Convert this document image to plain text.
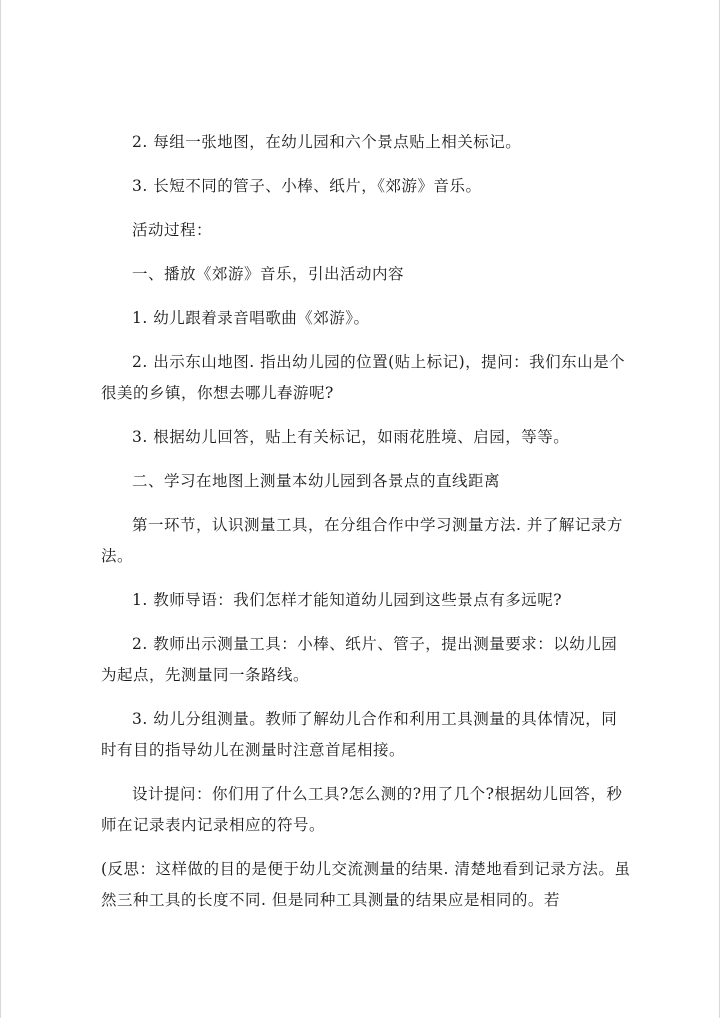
2. 每组一张地图，在幼儿园和六个景点贴上相关标记。

3. 长短不同的管子、小棒、纸片，《郊游》音乐。

活动过程：

一、播放《郊游》音乐，引出活动内容

1. 幼儿跟着录音唱歌曲《郊游》。

2. 出示东山地图. 指出幼儿园的位置(贴上标记)，提问：我们东山是个很美的乡镇，你想去哪儿春游呢?

3. 根据幼儿回答，贴上有关标记，如雨花胜境、启园，等等。

二、学习在地图上测量本幼儿园到各景点的直线距离

第一环节，认识测量工具，在分组合作中学习测量方法. 并了解记录方法。

1. 教师导语：我们怎样才能知道幼儿园到这些景点有多远呢?

2. 教师出示测量工具：小棒、纸片、管子，提出测量要求：以幼儿园为起点，先测量同一条路线。

3. 幼儿分组测量。教师了解幼儿合作和利用工具测量的具体情况，同时有目的指导幼儿在测量时注意首尾相接。

设计提问：你们用了什么工具?怎么测的?用了几个?根据幼儿回答，秒师在记录表内记录相应的符号。

(反思：这样做的目的是便于幼儿交流测量的结果. 清楚地看到记录方法。虽然三种工具的长度不同. 但是同种工具测量的结果应是相同的。若
